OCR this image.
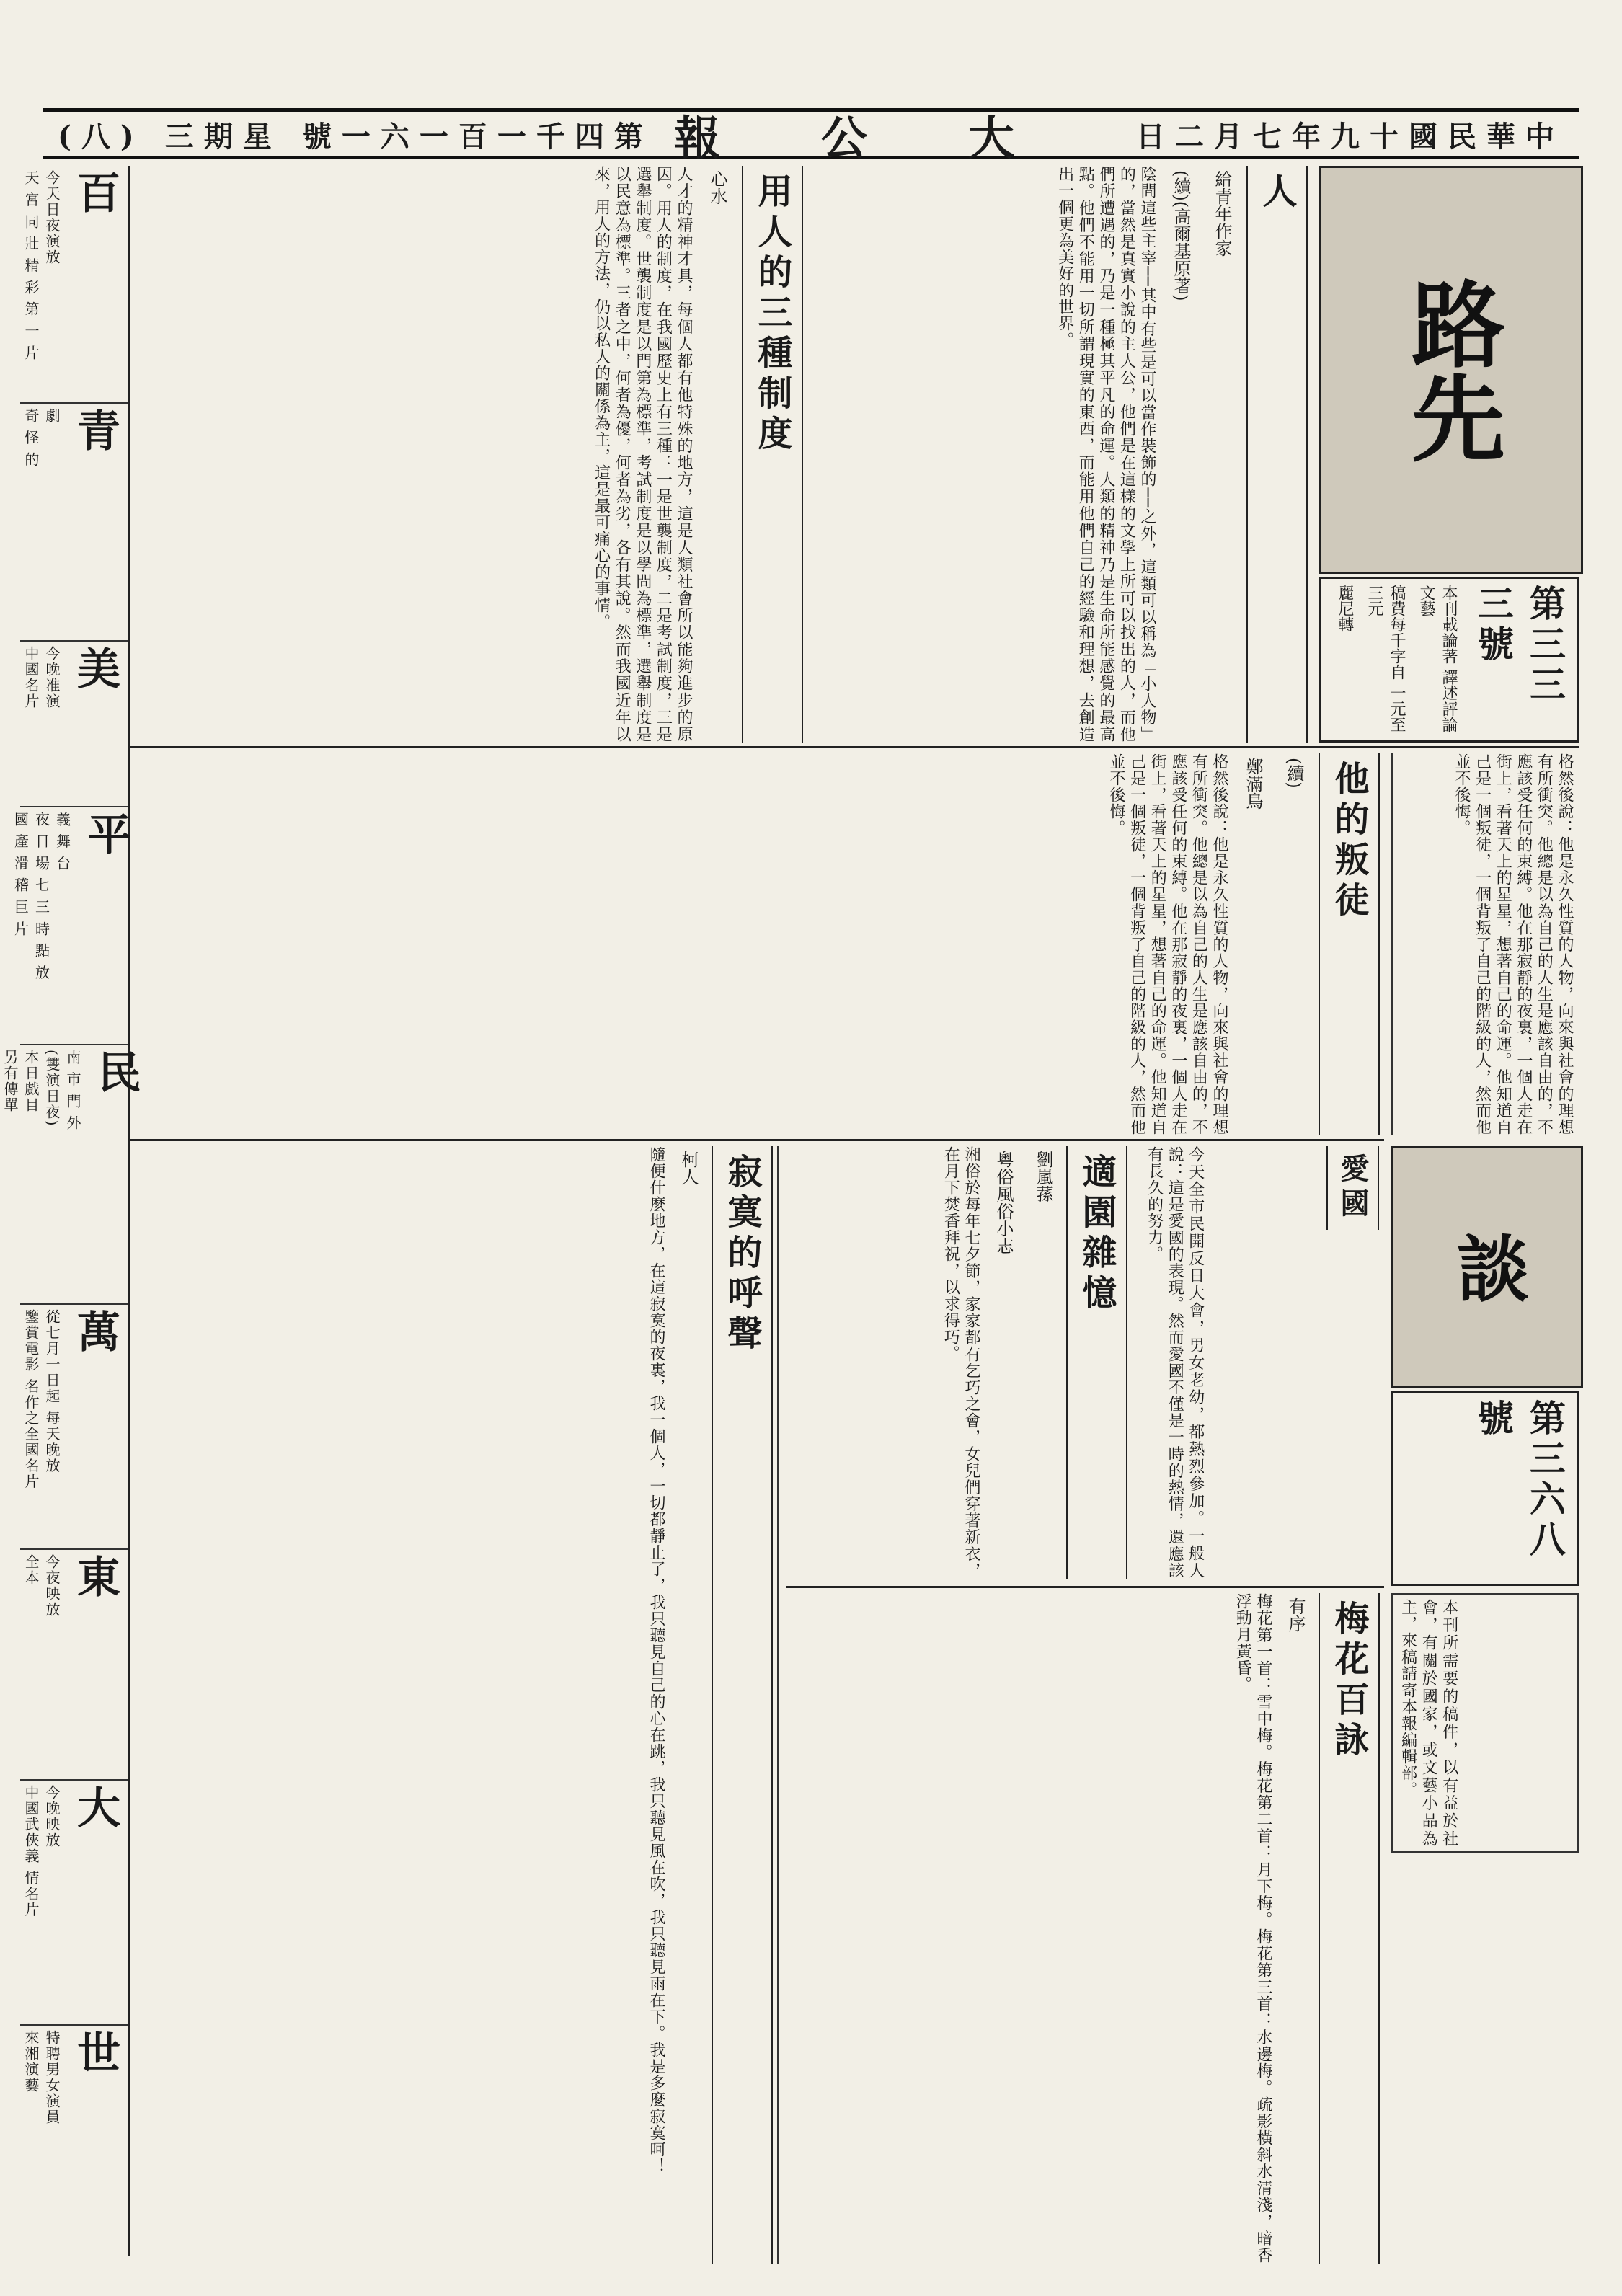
(八) 三期星 號一六一百一千四第 報公大 日二月七年九十國民華中
百
今天日夜演放
天 宮 同 壯 精 彩 第 一 片
青
劇
奇 怪 的
美
今晚准演
中國名片
平
義 舞 台
夜 日 場 七 三 時 點 放
國 產 滑 稽 巨 片
民
南 市 門 外
(雙演日夜)
本日戲目
另有傳單
萬
從七月一日起 每天晚放
鑒賞電影 名作之全國名片
東
今夜映放
全本
大
今晚映放
中國武俠義 情名片
世
特聘男女演員
來湘演藝
路先
第三三三號
本刊載論著 譯述評論文藝
稿費每千字自 一元至三元
麗尼轉
人
給青年作家
(續)(高爾基原著)
陰間這些主宰──其中有些是可以當作裝飾的──之外，這類可以稱為「小人物」的，當然是真實小說的主人公，他們是在這樣的文學上所可以找出的人，而他們所遭遇的，乃是一種極其平凡的命運。人類的精神乃是生命所能感覺的最高點。他們不能用一切所謂現實的東西，而能用他們自己的經驗和理想，去創造出一個更為美好的世界。
用人的三種制度
心水
人才的精神才具，每個人都有他特殊的地方，這是人類社會所以能夠進步的原因。用人的制度，在我國歷史上有三種：一是世襲制度，二是考試制度，三是選舉制度。世襲制度是以門第為標準，考試制度是以學問為標準，選舉制度是以民意為標準。三者之中，何者為優，何者為劣，各有其說。然而我國近年以來，用人的方法，仍以私人的關係為主，這是最可痛心的事情。
他的叛徒
(續)
鄭滿鳥
格然後說：他是永久性質的人物，向來與社會的理想有所衝突。他總是以為自己的人生是應該自由的，不應該受任何的束縛。他在那寂靜的夜裏，一個人走在街上，看著天上的星星，想著自己的命運。他知道自己是一個叛徒，一個背叛了自己的階級的人，然而他並不後悔。	格然後說：他是永久性質的人物，向來與社會的理想有所衝突。他總是以為自己的人生是應該自由的，不應該受任何的束縛。他在那寂靜的夜裏，一個人走在街上，看著天上的星星，想著自己的命運。他知道自己是一個叛徒，一個背叛了自己的階級的人，然而他並不後悔。
談
愛國
第三六八號
本刊所需要的稿件，以有益於社會，有關於國家，或文藝小品為主，來稿請寄本報編輯部。
今天全市民開反日大會，男女老幼，都熱烈參加。一般人說：這是愛國的表現。然而愛國不僅是一時的熱情，還應該有長久的努力。
適園雜憶
劉嵐蓀
粵俗風俗小志
湘俗於每年七夕節，家家都有乞巧之會，女兒們穿著新衣，在月下焚香拜祝，以求得巧。
寂寞的呼聲
柯人
隨便什麼地方，在這寂寞的夜裏，我一個人，一切都靜止了，我只聽見自己的心在跳，我只聽見風在吹，我只聽見雨在下。我是多麼寂寞呵！	梅花百詠
有序
梅花第一首：雪中梅。梅花第二首：月下梅。梅花第三首：水邊梅。疏影橫斜水清淺，暗香浮動月黃昏。
